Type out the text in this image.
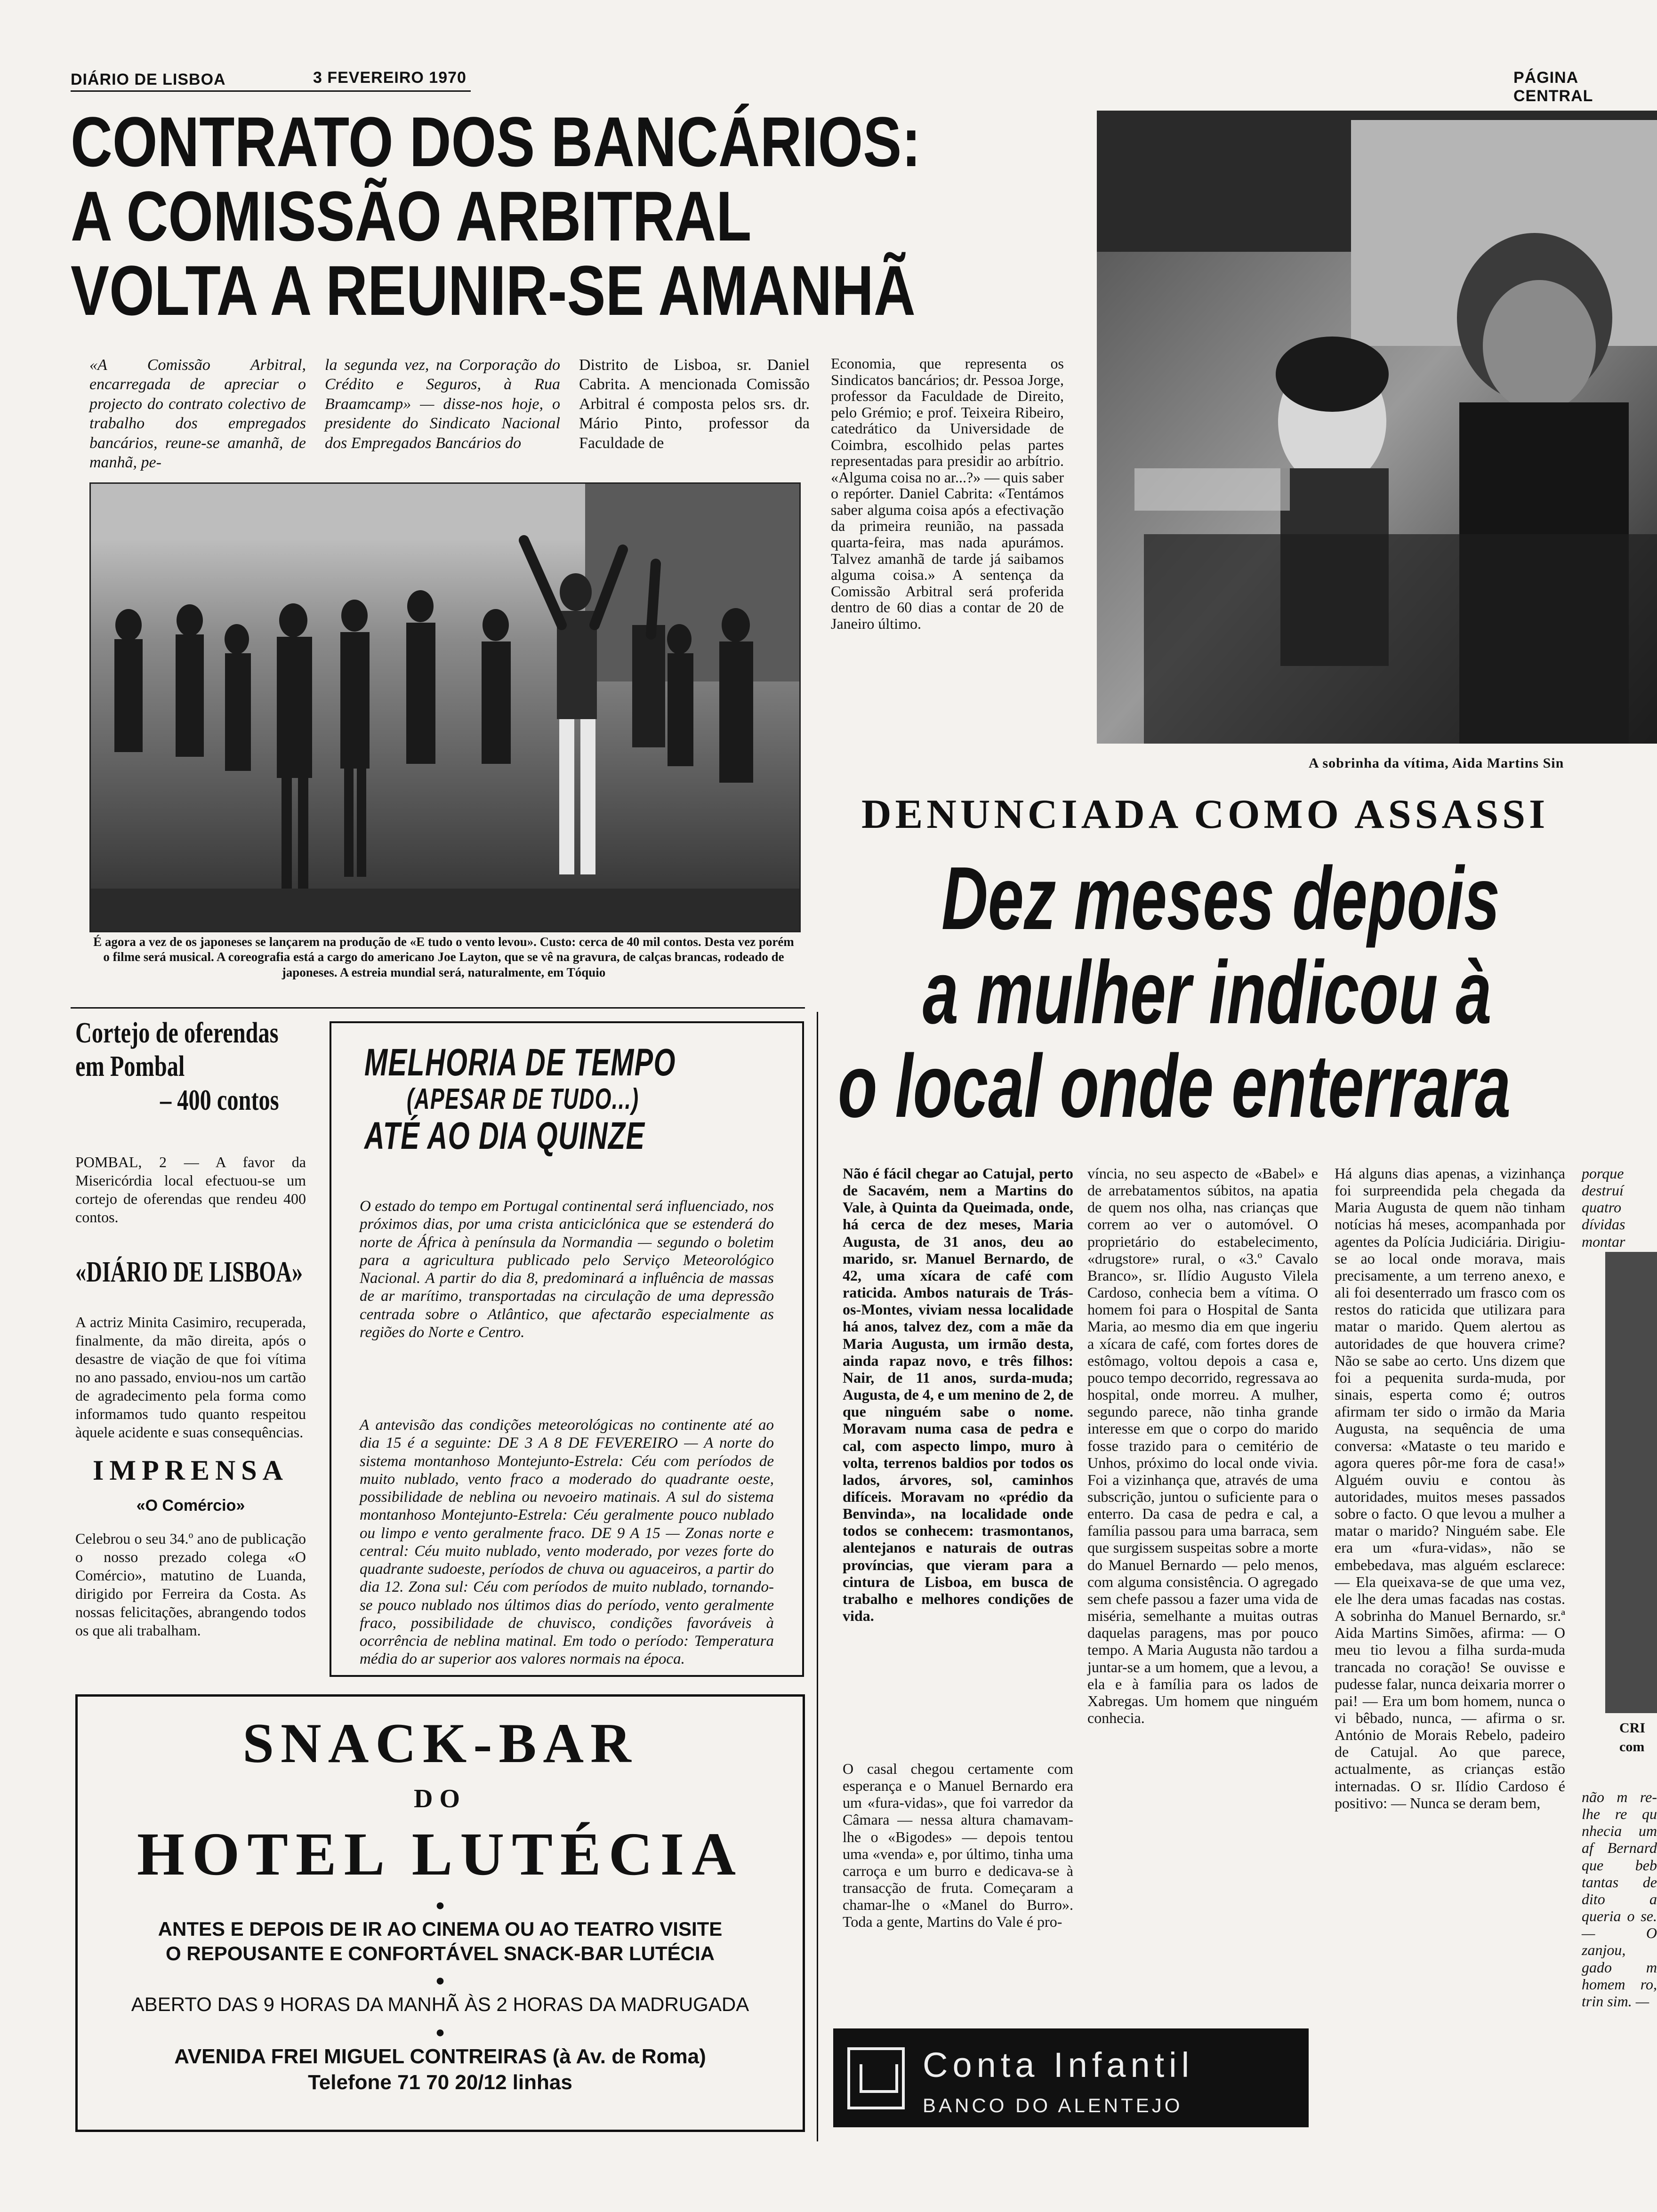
DIÁRIO DE LISBOA	3 FEVEREIRO 1970	PÁGINA CENTRAL
CONTRATO DOS BANCÁRIOS:
A COMISSÃO ARBITRAL
VOLTA A REUNIR-SE AMANHÃ
«A Comissão Arbitral, encarregada de apreciar o projecto do contrato colectivo de trabalho dos empregados bancários, reune-se amanhã, de manhã, pe-
la segunda vez, na Corporação do Crédito e Seguros, à Rua Braamcamp» — disse-nos hoje, o presidente do Sindicato Nacional dos Empregados Bancários do
Distrito de Lisboa, sr. Daniel Cabrita. A mencionada Comissão Arbitral é composta pelos srs. dr. Mário Pinto, professor da Faculdade de
Economia, que representa os Sindicatos bancários; dr. Pessoa Jorge, professor da Faculdade de Direito, pelo Grémio; e prof. Teixeira Ribeiro, catedrático da Universidade de Coimbra, escolhido pelas partes representadas para presidir ao arbítrio. «Alguma coisa no ar...?» — quis saber o repórter. Daniel Cabrita: «Tentámos saber alguma coisa após a efectivação da primeira reunião, na passada quarta-feira, mas nada apurámos. Talvez amanhã de tarde já saibamos alguma coisa.» A sentença da Comissão Arbitral será proferida dentro de 60 dias a contar de 20 de Janeiro último.
É agora a vez de os japoneses se lançarem na produção de «E tudo o vento levou». Custo: cerca de 40 mil contos. Desta vez porém o filme será musical. A coreografia está a cargo do americano Joe Layton, que se vê na gravura, de calças brancas, rodeado de japoneses. A estreia mundial será, naturalmente, em Tóquio
Cortejo de oferendas
em Pombal
– 400 contos
POMBAL, 2 — A favor da Misericórdia local efectuou-se um cortejo de oferendas que rendeu 400 contos.
«DIÁRIO DE LISBOA»
A actriz Minita Casimiro, recuperada, finalmente, da mão direita, após o desastre de viação de que foi vítima no ano passado, enviou-nos um cartão de agradecimento pela forma como informamos tudo quanto respeitou àquele acidente e suas consequências.
IMPRENSA
«O Comércio»
Celebrou o seu 34.º ano de publicação o nosso prezado colega «O Comércio», matutino de Luanda, dirigido por Ferreira da Costa. As nossas felicitações, abrangendo todos os que ali trabalham.
MELHORIA DE TEMPO
(APESAR DE TUDO...)
ATÉ AO DIA QUINZE
O estado do tempo em Portugal continental será influenciado, nos próximos dias, por uma crista anticiclónica que se estenderá do norte de África à península da Normandia — segundo o boletim para a agricultura publicado pelo Serviço Meteorológico Nacional. A partir do dia 8, predominará a influência de massas de ar marítimo, transportadas na circulação de uma depressão centrada sobre o Atlântico, que afectarão especialmente as regiões do Norte e Centro.
A antevisão das condições meteorológicas no continente até ao dia 15 é a seguinte: DE 3 A 8 DE FEVEREIRO — A norte do sistema montanhoso Montejunto-Estrela: Céu com períodos de muito nublado, vento fraco a moderado do quadrante oeste, possibilidade de neblina ou nevoeiro matinais. A sul do sistema montanhoso Montejunto-Estrela: Céu geralmente pouco nublado ou limpo e vento geralmente fraco. DE 9 A 15 — Zonas norte e central: Céu muito nublado, vento moderado, por vezes forte do quadrante sudoeste, períodos de chuva ou aguaceiros, a partir do dia 12. Zona sul: Céu com períodos de muito nublado, tornando-se pouco nublado nos últimos dias do período, vento geralmente fraco, possibilidade de chuvisco, condições favoráveis à ocorrência de neblina matinal. Em todo o período: Temperatura média do ar superior aos valores normais na época.
SNACK-BAR
DO
HOTEL LUTÉCIA
●
ANTES E DEPOIS DE IR AO CINEMA OU AO TEATRO VISITE
O REPOUSANTE E CONFORTÁVEL SNACK-BAR LUTÉCIA
●
ABERTO DAS 9 HORAS DA MANHÃ ÀS 2 HORAS DA MADRUGADA
●
AVENIDA FREI MIGUEL CONTREIRAS (à Av. de Roma)
Telefone 71 70 20/12 linhas
A sobrinha da vítima, Aida Martins Sin
DENUNCIADA COMO ASSASSI
Dez meses depois
a mulher indicou à
o local onde enterrara
Não é fácil chegar ao Catujal, perto de Sacavém, nem a Martins do Vale, à Quinta da Queimada, onde, há cerca de dez meses, Maria Augusta, de 31 anos, deu ao marido, sr. Manuel Bernardo, de 42, uma xícara de café com raticida. Ambos naturais de Trás-os-Montes, viviam nessa localidade há anos, talvez dez, com a mãe da Maria Augusta, um irmão desta, ainda rapaz novo, e três filhos: Nair, de 11 anos, surda-muda; Augusta, de 4, e um menino de 2, de que ninguém sabe o nome. Moravam numa casa de pedra e cal, com aspecto limpo, muro à volta, terrenos baldios por todos os lados, árvores, sol, caminhos difíceis. Moravam no «prédio da Benvinda», na localidade onde todos se conhecem: trasmontanos, alentejanos e naturais de outras províncias, que vieram para a cintura de Lisboa, em busca de trabalho e melhores condições de vida.
O casal chegou certamente com esperança e o Manuel Bernardo era um «fura-vidas», que foi varredor da Câmara — nessa altura chamavam-lhe o «Bigodes» — depois tentou uma «venda» e, por último, tinha uma carroça e um burro e dedicava-se à transacção de fruta. Começaram a chamar-lhe o «Manel do Burro». Toda a gente, Martins do Vale é pro-
víncia, no seu aspecto de «Babel» e de arrebatamentos súbitos, na apatia de quem nos olha, nas crianças que correm ao ver o automóvel. O proprietário do estabelecimento, «drugstore» rural, o «3.º Cavalo Branco», sr. Ilídio Augusto Vilela Cardoso, conhecia bem a vítima. O homem foi para o Hospital de Santa Maria, ao mesmo dia em que ingeriu a xícara de café, com fortes dores de estômago, voltou depois a casa e, pouco tempo decorrido, regressava ao hospital, onde morreu. A mulher, segundo parece, não tinha grande interesse em que o corpo do marido fosse trazido para o cemitério de Unhos, próximo do local onde vivia. Foi a vizinhança que, através de uma subscrição, juntou o suficiente para o enterro. Da casa de pedra e cal, a família passou para uma barraca, sem que surgissem suspeitas sobre a morte do Manuel Bernardo — pelo menos, com alguma consistência. O agregado sem chefe passou a fazer uma vida de miséria, semelhante a muitas outras daquelas paragens, mas por pouco tempo. A Maria Augusta não tardou a juntar-se a um homem, que a levou, a ela e à família para os lados de Xabregas. Um homem que ninguém conhecia.
Há alguns dias apenas, a vizinhança foi surpreendida pela chegada da Maria Augusta de quem não tinham notícias há meses, acompanhada por agentes da Polícia Judiciária. Dirigiu-se ao local onde morava, mais precisamente, a um terreno anexo, e ali foi desenterrado um frasco com os restos do raticida que utilizara para matar o marido. Quem alertou as autoridades de que houvera crime? Não se sabe ao certo. Uns dizem que foi a pequenita surda-muda, por sinais, esperta como é; outros afirmam ter sido o irmão da Maria Augusta, na sequência de uma conversa: «Mataste o teu marido e agora queres pôr-me fora de casa!» Alguém ouviu e contou às autoridades, muitos meses passados sobre o facto. O que levou a mulher a matar o marido? Ninguém sabe. Ele era um «fura-vidas», não se embebedava, mas alguém esclarece: — Ela queixava-se de que uma vez, ele lhe dera umas facadas nas costas. A sobrinha do Manuel Bernardo, sr.ª Aida Martins Simões, afirma: — O meu tio levou a filha surda-muda trancada no coração! Se ouvisse e pudesse falar, nunca deixaria morrer o pai! — Era um bom homem, nunca o vi bêbado, nunca, — afirma o sr. António de Morais Rebelo, padeiro de Catujal. Ao que parece, actualmente, as crianças estão internadas. O sr. Ilídio Cardoso é positivo: — Nunca se deram bem,
porque destruí quatro dívidas montar
CRI
com
não m re-lhe re qu nhecia um af Bernard que beb tantas de dito a queria o se. — O zanjou, gado m homem ro, trin sim. —
Conta Infantil
BANCO DO ALENTEJO
